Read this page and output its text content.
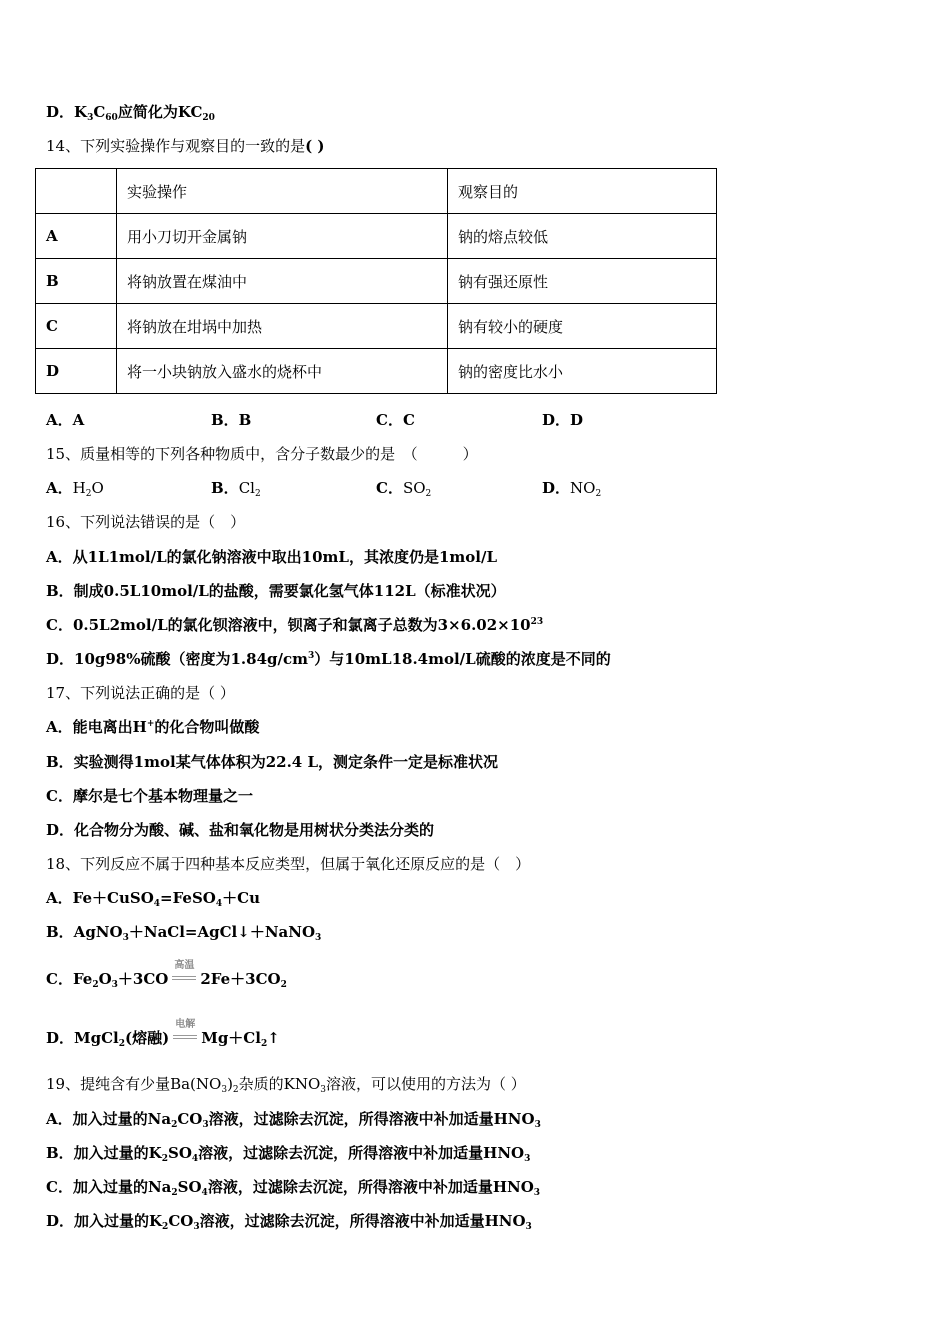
D．$K_3C_{60}$应简化为$KC_{20}$
14、下列实验操作与观察目的一致的是( )
	实验操作	观察目的
A	用小刀切开金属钠	钠的熔点较低
B	将钠放置在煤油中	钠有强还原性
C	将钠放在坩埚中加热	钠有较小的硬度
D	将一小块钠放入盛水的烧杯中	钠的密度比水小
A．A	B．B	C．C	D．D
15、质量相等的下列各种物质中，含分子数最少的是　（　　　）
A．$H_2O$	B．$Cl_2$	C．$SO_2$	D．$NO_2$
16、下列说法错误的是（　）
A．从1L1mol/L的氯化钠溶液中取出10mL，其浓度仍是1mol/L
B．制成0.5L10mol/L的盐酸，需要氯化氢气体112L（标准状况）
C．0.5L2mol/L的氯化钡溶液中，钡离子和氯离子总数为$3\times 6.02\times 10^{23}$
D．10g98%硫酸（密度为$1.84g/cm^3$）与10mL18.4mol/L硫酸的浓度是不同的
17、下列说法正确的是（ ）
A．能电离出H+的化合物叫做酸
B．实验测得1mol某气体体积为22.4 L，测定条件一定是标准状况
C．摩尔是七个基本物理量之一
D．化合物分为酸、碱、盐和氧化物是用树状分类法分类的
18、下列反应不属于四种基本反应类型，但属于氧化还原反应的是（　）
A．Fe＋CuSO$_4$=FeSO$_4$＋Cu
B．AgNO$_3$＋NaCl=AgCl↓＋NaNO$_3$
C．$Fe_2O_3+3CO$
高温
$2Fe+3CO_2$
D．MgCl$_2$(熔融)
电解
$Mg+Cl_2↑$
19、提纯含有少量$Ba(NO_3)_2$杂质的$KNO_3$溶液，可以使用的方法为（ ）
A．加入过量的$Na_2CO_3$溶液，过滤除去沉淀，所得溶液中补加适量$HNO_3$
B．加入过量的$K_2SO_4$溶液，过滤除去沉淀，所得溶液中补加适量$HNO_3$
C．加入过量的$Na_2SO_4$溶液，过滤除去沉淀，所得溶液中补加适量$HNO_3$
D．加入过量的$K_2CO_3$溶液，过滤除去沉淀，所得溶液中补加适量$HNO_3$
